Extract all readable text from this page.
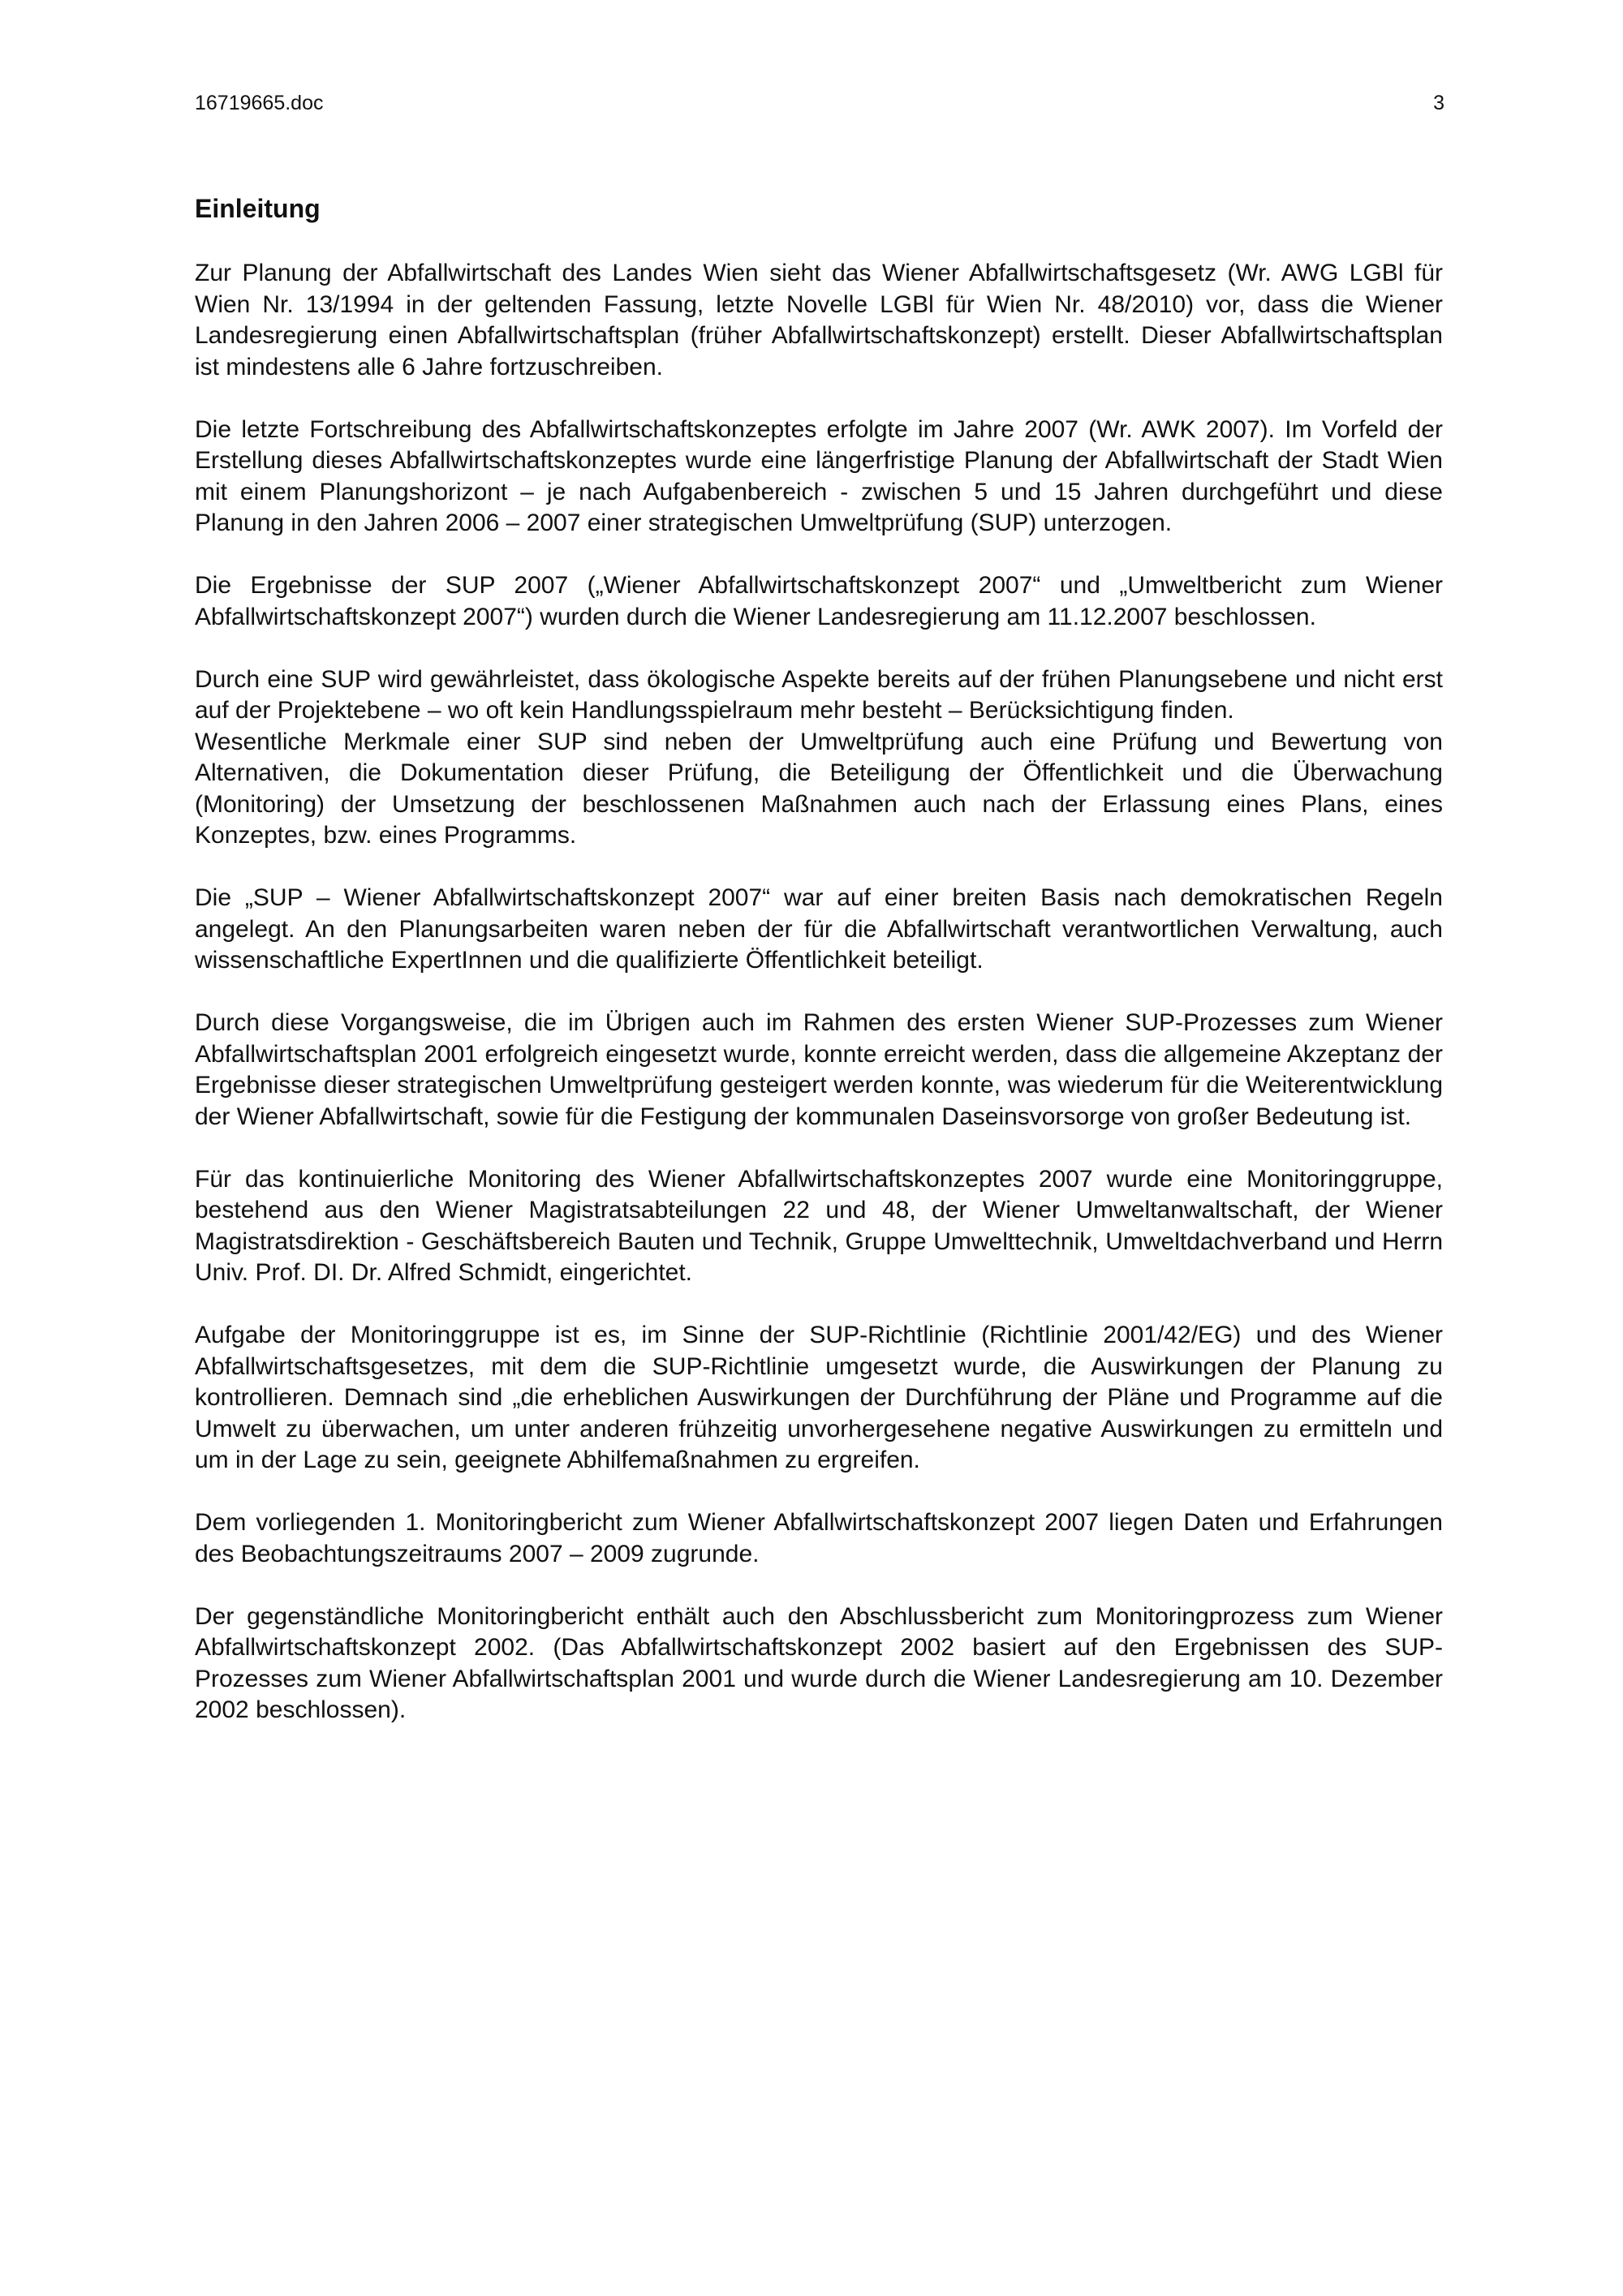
16719665.doc	3
Einleitung

Zur Planung der Abfallwirtschaft des Landes Wien sieht das Wiener Abfallwirtschaftsgesetz (Wr. AWG LGBl für Wien Nr. 13/1994 in der geltenden Fassung, letzte Novelle LGBl für Wien Nr. 48/2010) vor, dass die Wiener Landesregierung einen Abfallwirtschaftsplan (früher Abfallwirtschaftskonzept) erstellt. Dieser Abfallwirtschaftsplan ist mindestens alle 6 Jahre fortzuschreiben.

Die letzte Fortschreibung des Abfallwirtschaftskonzeptes erfolgte im Jahre 2007 (Wr. AWK 2007). Im Vorfeld der Erstellung dieses Abfallwirtschaftskonzeptes wurde eine längerfristige Planung der Abfallwirtschaft der Stadt Wien mit einem Planungshorizont – je nach Aufgabenbereich - zwischen 5 und 15 Jahren durchgeführt und diese Planung in den Jahren 2006 – 2007 einer strategischen Umweltprüfung (SUP) unterzogen.

Die Ergebnisse der SUP 2007 („Wiener Abfallwirtschaftskonzept 2007“ und „Umweltbericht zum Wiener Abfallwirtschaftskonzept 2007“) wurden durch die Wiener Landesregierung am 11.12.2007 beschlossen.

Durch eine SUP wird gewährleistet, dass ökologische Aspekte bereits auf der frühen Planungsebene und nicht erst auf der Projektebene – wo oft kein Handlungsspielraum mehr besteht – Berücksichtigung finden.

Wesentliche Merkmale einer SUP sind neben der Umweltprüfung auch eine Prüfung und Bewertung von Alternativen, die Dokumentation dieser Prüfung, die Beteiligung der Öffentlichkeit und die Überwachung (Monitoring) der Umsetzung der beschlossenen Maßnahmen auch nach der Erlassung eines Plans, eines Konzeptes, bzw. eines Programms.

Die „SUP – Wiener Abfallwirtschaftskonzept 2007“ war auf einer breiten Basis nach demokratischen Regeln angelegt. An den Planungsarbeiten waren neben der für die Abfallwirtschaft verantwortlichen Verwaltung, auch wissenschaftliche ExpertInnen und die qualifizierte Öffentlichkeit beteiligt.

Durch diese Vorgangsweise, die im Übrigen auch im Rahmen des ersten Wiener SUP-Prozesses zum Wiener Abfallwirtschaftsplan 2001 erfolgreich eingesetzt wurde, konnte erreicht werden, dass die allgemeine Akzeptanz der Ergebnisse dieser strategischen Umweltprüfung gesteigert werden konnte, was wiederum für die Weiterentwicklung der Wiener Abfallwirtschaft, sowie für die Festigung der kommunalen Daseinsvorsorge von großer Bedeutung ist.

Für das kontinuierliche Monitoring des Wiener Abfallwirtschaftskonzeptes 2007 wurde eine Monitoringgruppe, bestehend aus den Wiener Magistratsabteilungen 22 und 48, der Wiener Umweltanwaltschaft, der Wiener Magistratsdirektion - Geschäftsbereich Bauten und Technik, Gruppe Umwelttechnik, Umweltdachverband und Herrn Univ. Prof. DI. Dr. Alfred Schmidt, eingerichtet.

Aufgabe der Monitoringgruppe ist es, im Sinne der SUP-Richtlinie (Richtlinie 2001/42/EG) und des Wiener Abfallwirtschaftsgesetzes, mit dem die SUP-Richtlinie umgesetzt wurde, die Auswirkungen der Planung zu kontrollieren. Demnach sind „die erheblichen Auswirkungen der Durchführung der Pläne und Programme auf die Umwelt zu überwachen, um unter anderen frühzeitig unvorhergesehene negative Auswirkungen zu ermitteln und um in der Lage zu sein, geeignete Abhilfemaßnahmen zu ergreifen.

Dem vorliegenden 1. Monitoringbericht zum Wiener Abfallwirtschaftskonzept 2007 liegen Daten und Erfahrungen des Beobachtungszeitraums 2007 – 2009 zugrunde.

Der gegenständliche Monitoringbericht enthält auch den Abschlussbericht zum Monitoringprozess zum Wiener Abfallwirtschaftskonzept 2002. (Das Abfallwirtschaftskonzept 2002 basiert auf den Ergebnissen des SUP-Prozesses zum Wiener Abfallwirtschaftsplan 2001 und wurde durch die Wiener Landesregierung am 10. Dezember 2002 beschlossen).
